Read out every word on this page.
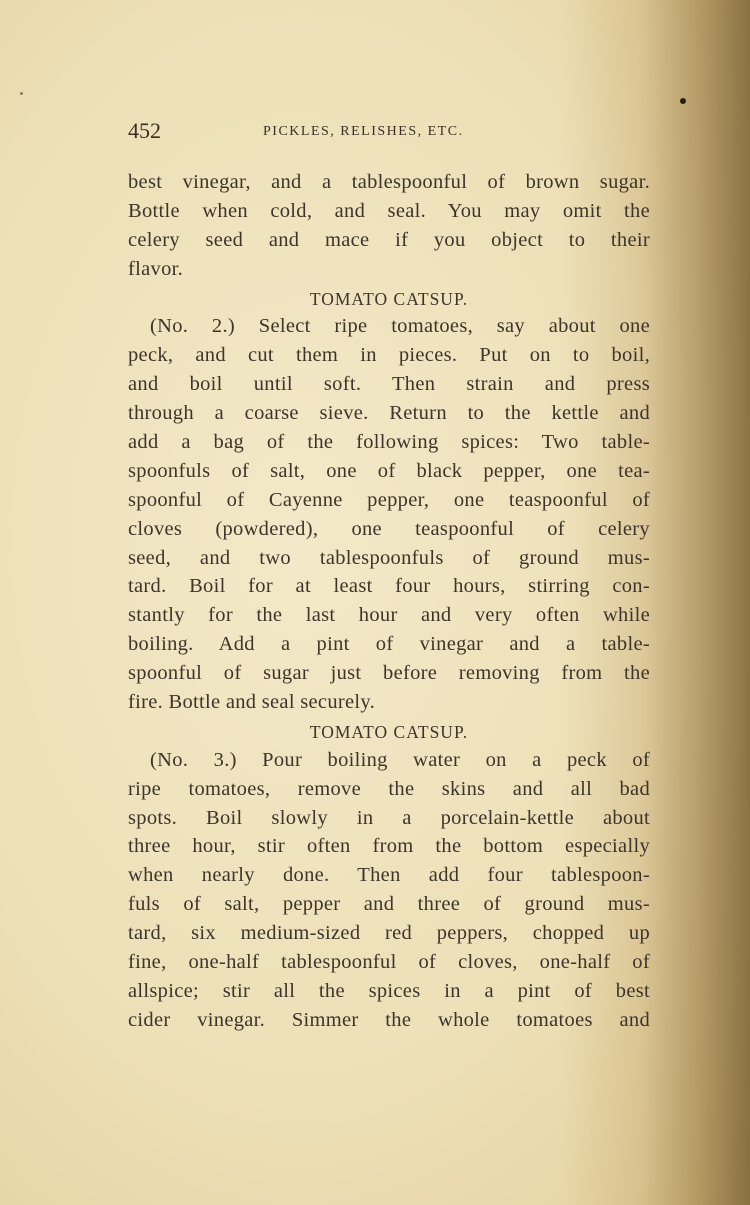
452	PICKLES, RELISHES, ETC.
best vinegar, and a tablespoonful of brown sugar.
Bottle when cold, and seal. You may omit the
celery seed and mace if you object to their
flavor.
TOMATO CATSUP.
(No. 2.) Select ripe tomatoes, say about one
peck, and cut them in pieces. Put on to boil,
and boil until soft. Then strain and press
through a coarse sieve. Return to the kettle and
add a bag of the following spices: Two table-
spoonfuls of salt, one of black pepper, one tea-
spoonful of Cayenne pepper, one teaspoonful of
cloves (powdered), one teaspoonful of celery
seed, and two tablespoonfuls of ground mus-
tard. Boil for at least four hours, stirring con-
stantly for the last hour and very often while
boiling. Add a pint of vinegar and a table-
spoonful of sugar just before removing from the
fire. Bottle and seal securely.
TOMATO CATSUP.
(No. 3.) Pour boiling water on a peck of
ripe tomatoes, remove the skins and all bad
spots. Boil slowly in a porcelain-kettle about
three hour, stir often from the bottom especially
when nearly done. Then add four tablespoon-
fuls of salt, pepper and three of ground mus-
tard, six medium-sized red peppers, chopped up
fine, one-half tablespoonful of cloves, one-half of
allspice; stir all the spices in a pint of best
cider vinegar. Simmer the whole tomatoes and
